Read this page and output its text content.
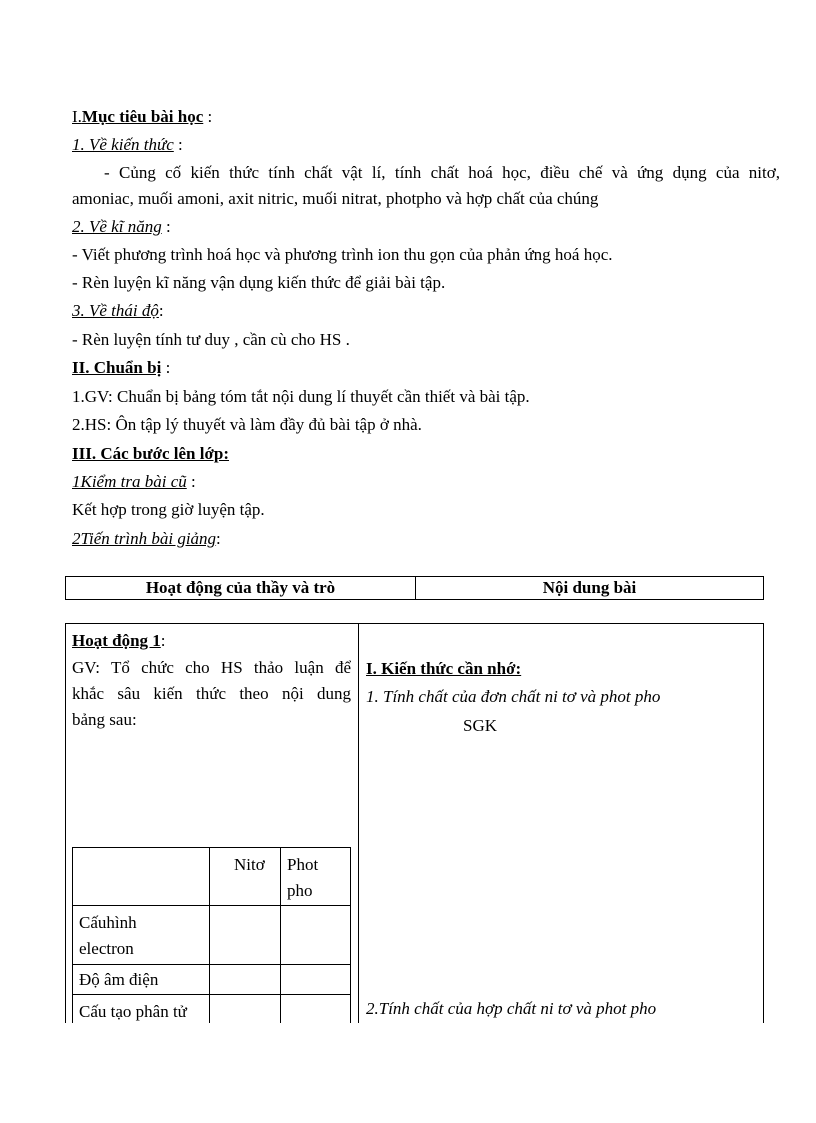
I.Mục tiêu bài học :
1. Về kiến thức :
- Củng cố kiến thức tính chất vật lí, tính chất hoá học, điều chế và ứng dụng của nitơ,
amoniac, muối amoni, axit nitric, muối nitrat, photpho và hợp chất của chúng
2. Về kĩ năng :
- Viết phương trình hoá học và phương trình ion thu gọn của phản ứng hoá học.
- Rèn luyện kĩ năng vận dụng kiến thức để giải bài tập.
3. Về thái độ:
- Rèn luyện tính tư duy , cần cù cho HS .
II. Chuẩn bị :
1.GV: Chuẩn bị bảng tóm tắt nội dung lí thuyết cần thiết và bài tập.
2.HS: Ôn tập lý thuyết và làm đầy đủ bài tập ở nhà.
III. Các bước lên lớp:
1Kiểm tra bài cũ :
Kết hợp trong giờ luyện tập.
2Tiến trình bài giảng:
Hoạt động của thầy và trò	Nội dung bài
Hoạt động 1:
GV: Tổ chức cho HS thảo luận để
khắc sâu kiến thức theo nội dung
bảng sau:
I. Kiến thức cần nhớ:
1. Tính chất của đơn chất ni tơ và phot pho
SGK
2.Tính chất của hợp chất ni tơ và phot pho
Nitơ Phot
pho
Cấuhình
electron
Độ âm điện
Cấu tạo phân tử
